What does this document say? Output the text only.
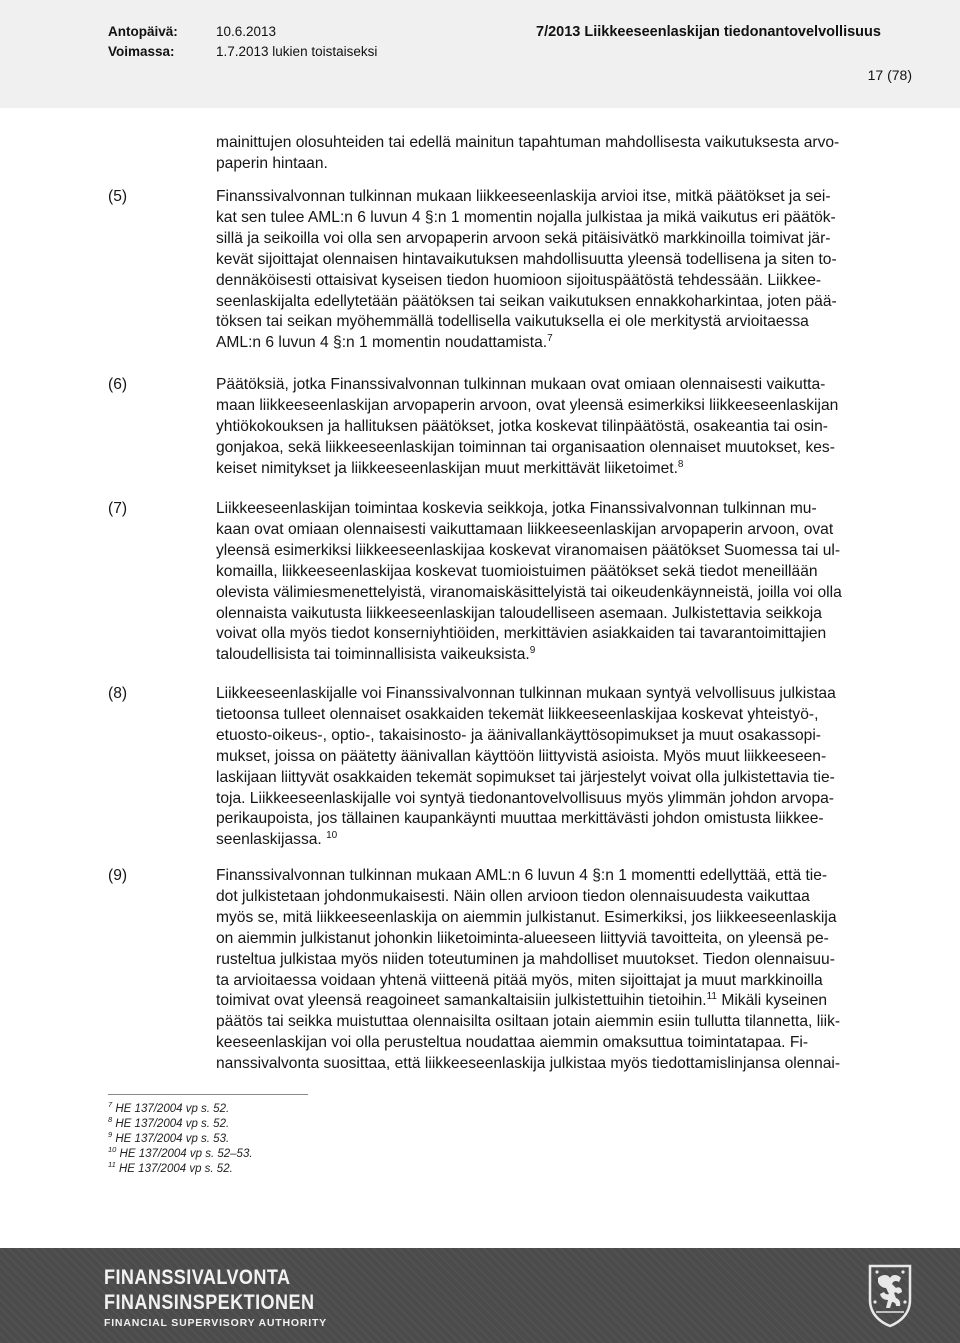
Antopäivä:	10.6.2013
Voimassa:	1.7.2013 lukien toistaiseksi
7/2013 Liikkeeseenlaskijan tiedonantovelvollisuus
17 (78)
mainittujen olosuhteiden tai edellä mainitun tapahtuman mahdollisesta vaikutuksesta arvo-
paperin hintaan.
(5)	Finanssivalvonnan tulkinnan mukaan liikkeeseenlaskija arvioi itse, mitkä päätökset ja sei-
kat sen tulee AML:n 6 luvun 4 §:n 1 momentin nojalla julkistaa ja mikä vaikutus eri päätök-
sillä ja seikoilla voi olla sen arvopaperin arvoon sekä pitäisivätkö markkinoilla toimivat jär-
kevät sijoittajat olennaisen hintavaikutuksen mahdollisuutta yleensä todellisena ja siten to-
dennäköisesti ottaisivat kyseisen tiedon huomioon sijoituspäätöstä tehdessään. Liikkee-
seenlaskijalta edellytetään päätöksen tai seikan vaikutuksen ennakkoharkintaa, joten pää-
töksen tai seikan myöhemmällä todellisella vaikutuksella ei ole merkitystä arvioitaessa
AML:n 6 luvun 4 §:n 1 momentin noudattamista.$^7$
(6)	Päätöksiä, jotka Finanssivalvonnan tulkinnan mukaan ovat omiaan olennaisesti vaikutta-
maan liikkeeseenlaskijan arvopaperin arvoon, ovat yleensä esimerkiksi liikkeeseenlaskijan
yhtiökokouksen ja hallituksen päätökset, jotka koskevat tilinpäätöstä, osakeantia tai osin-
gonjakoa, sekä liikkeeseenlaskijan toiminnan tai organisaation olennaiset muutokset, kes-
keiset nimitykset ja liikkeeseenlaskijan muut merkittävät liiketoimet.$^8$
(7)	Liikkeeseenlaskijan toimintaa koskevia seikkoja, jotka Finanssivalvonnan tulkinnan mu-
kaan ovat omiaan olennaisesti vaikuttamaan liikkeeseenlaskijan arvopaperin arvoon, ovat
yleensä esimerkiksi liikkeeseenlaskijaa koskevat viranomaisen päätökset Suomessa tai ul-
komailla, liikkeeseenlaskijaa koskevat tuomioistuimen päätökset sekä tiedot meneillään
olevista välimiesmenettelyistä, viranomaiskäsittelyistä tai oikeudenkäynneistä, joilla voi olla
olennaista vaikutusta liikkeeseenlaskijan taloudelliseen asemaan. Julkistettavia seikkoja
voivat olla myös tiedot konserniyhtiöiden, merkittävien asiakkaiden tai tavarantoimittajien
taloudellisista tai toiminnallisista vaikeuksista.$^9$
(8)	Liikkeeseenlaskijalle voi Finanssivalvonnan tulkinnan mukaan syntyä velvollisuus julkistaa
tietoonsa tulleet olennaiset osakkaiden tekemät liikkeeseenlaskijaa koskevat yhteistyö-,
etuosto-oikeus-, optio-, takaisinosto- ja äänivallankäyttösopimukset ja muut osakassopi-
mukset, joissa on päätetty äänivallan käyttöön liittyvistä asioista. Myös muut liikkeeseen-
laskijaan liittyvät osakkaiden tekemät sopimukset tai järjestelyt voivat olla julkistettavia tie-
toja. Liikkeeseenlaskijalle voi syntyä tiedonantovelvollisuus myös ylimmän johdon arvopa-
perikaupoista, jos tällainen kaupankäynti muuttaa merkittävästi johdon omistusta liikkee-
seenlaskijassa. $^{10}$
(9)	Finanssivalvonnan tulkinnan mukaan AML:n 6 luvun 4 §:n 1 momentti edellyttää, että tie-
dot julkistetaan johdonmukaisesti. Näin ollen arvioon tiedon olennaisuudesta vaikuttaa
myös se, mitä liikkeeseenlaskija on aiemmin julkistanut. Esimerkiksi, jos liikkeeseenlaskija
on aiemmin julkistanut johonkin liiketoiminta-alueeseen liittyviä tavoitteita, on yleensä pe-
rusteltua julkistaa myös niiden toteutuminen ja mahdolliset muutokset. Tiedon olennaisuu-
ta arvioitaessa voidaan yhtenä viitteenä pitää myös, miten sijoittajat ja muut markkinoilla
toimivat ovat yleensä reagoineet samankaltaisiin julkistettuihin tietoihin.$^{11}$ Mikäli kyseinen
päätös tai seikka muistuttaa olennaisilta osiltaan jotain aiemmin esiin tullutta tilannetta, liik-
keeseenlaskijan voi olla perusteltua noudattaa aiemmin omaksuttua toimintatapaa. Fi-
nanssivalvonta suosittaa, että liikkeeseenlaskija julkistaa myös tiedottamislinjansa olennai-
$^7$ HE 137/2004 vp s. 52.
$^8$ HE 137/2004 vp s. 52.
$^9$ HE 137/2004 vp s. 53.
$^{10}$ HE 137/2004 vp s. 52–53.
$^{11}$ HE 137/2004 vp s. 52.
FINANSSIVALVONTA
FINANSINSPEKTIONEN
FINANCIAL SUPERVISORY AUTHORITY
